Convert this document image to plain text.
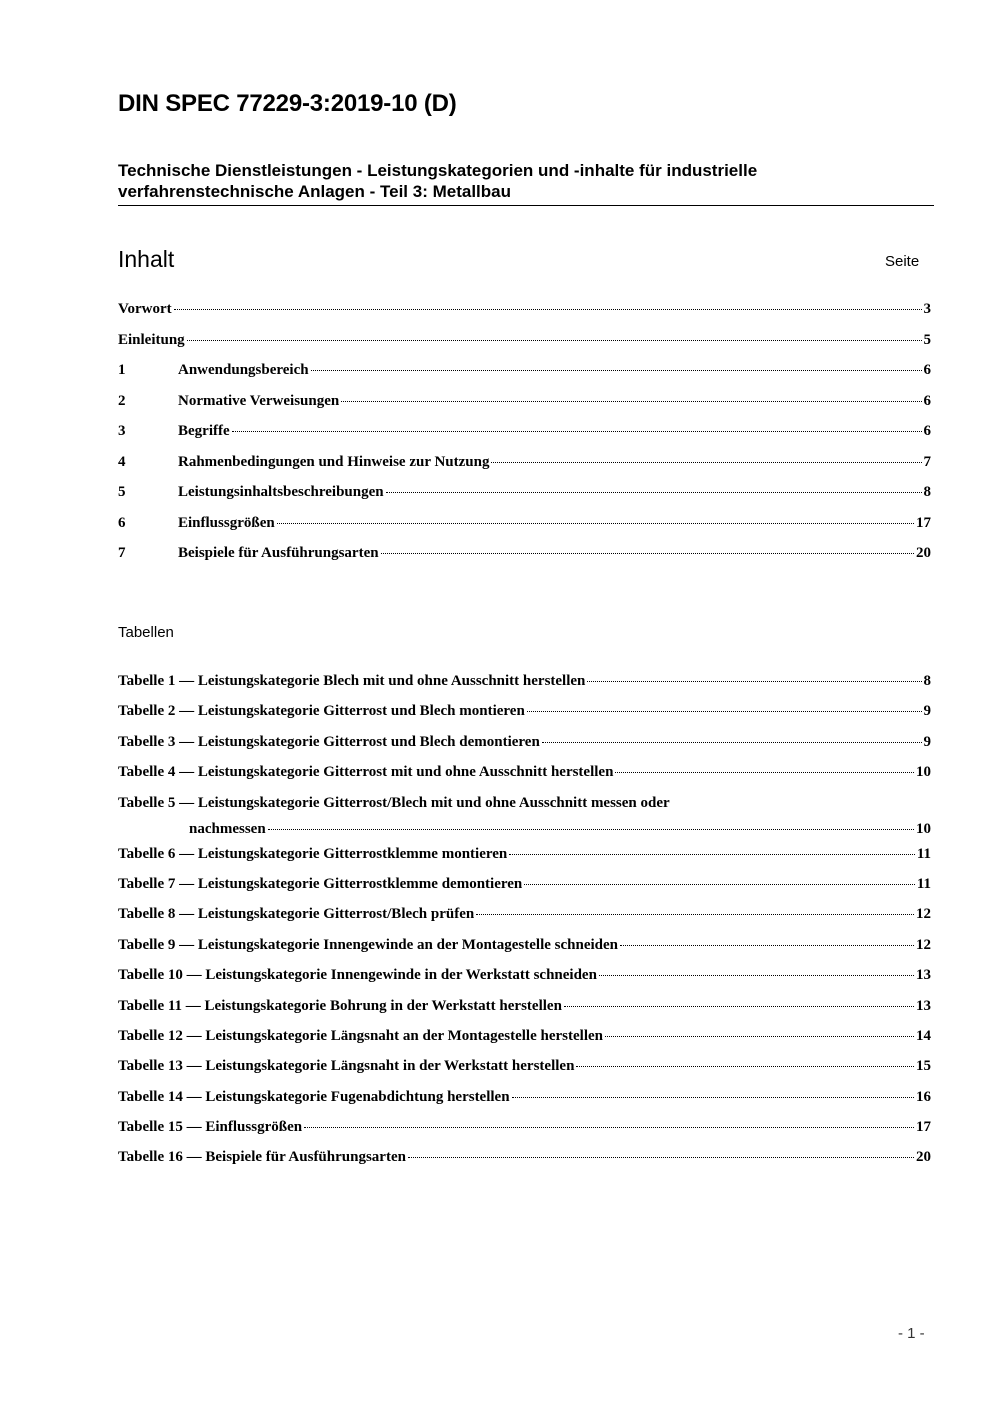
DIN SPEC 77229-3:2019-10 (D)
Technische Dienstleistungen - Leistungskategorien und -inhalte für industrielle
verfahrenstechnische Anlagen - Teil 3: Metallbau
Inhalt	Seite
Vorwort	3
Einleitung	5
1	Anwendungsbereich	6
2	Normative Verweisungen	6
3	Begriffe	6
4	Rahmenbedingungen und Hinweise zur Nutzung	7
5	Leistungsinhaltsbeschreibungen	8
6	Einflussgrößen	17
7	Beispiele für Ausführungsarten	20
Tabellen
Tabelle 1 — Leistungskategorie Blech mit und ohne Ausschnitt herstellen	8
Tabelle 2 — Leistungskategorie Gitterrost und Blech montieren	9
Tabelle 3 — Leistungskategorie Gitterrost und Blech demontieren	9
Tabelle 4 — Leistungskategorie Gitterrost mit und ohne Ausschnitt herstellen	10
Tabelle 5 — Leistungskategorie Gitterrost/Blech mit und ohne Ausschnitt messen oder
nachmessen	10
Tabelle 6 — Leistungskategorie Gitterrostklemme montieren	11
Tabelle 7 — Leistungskategorie Gitterrostklemme demontieren	11
Tabelle 8 — Leistungskategorie Gitterrost/Blech prüfen	12
Tabelle 9 — Leistungskategorie Innengewinde an der Montagestelle schneiden	12
Tabelle 10 — Leistungskategorie Innengewinde in der Werkstatt schneiden	13
Tabelle 11 — Leistungskategorie Bohrung in der Werkstatt herstellen	13
Tabelle 12 — Leistungskategorie Längsnaht an der Montagestelle herstellen	14
Tabelle 13 — Leistungskategorie Längsnaht in der Werkstatt herstellen	15
Tabelle 14 — Leistungskategorie Fugenabdichtung herstellen	16
Tabelle 15 — Einflussgrößen	17
Tabelle 16 — Beispiele für Ausführungsarten	20
- 1 -
